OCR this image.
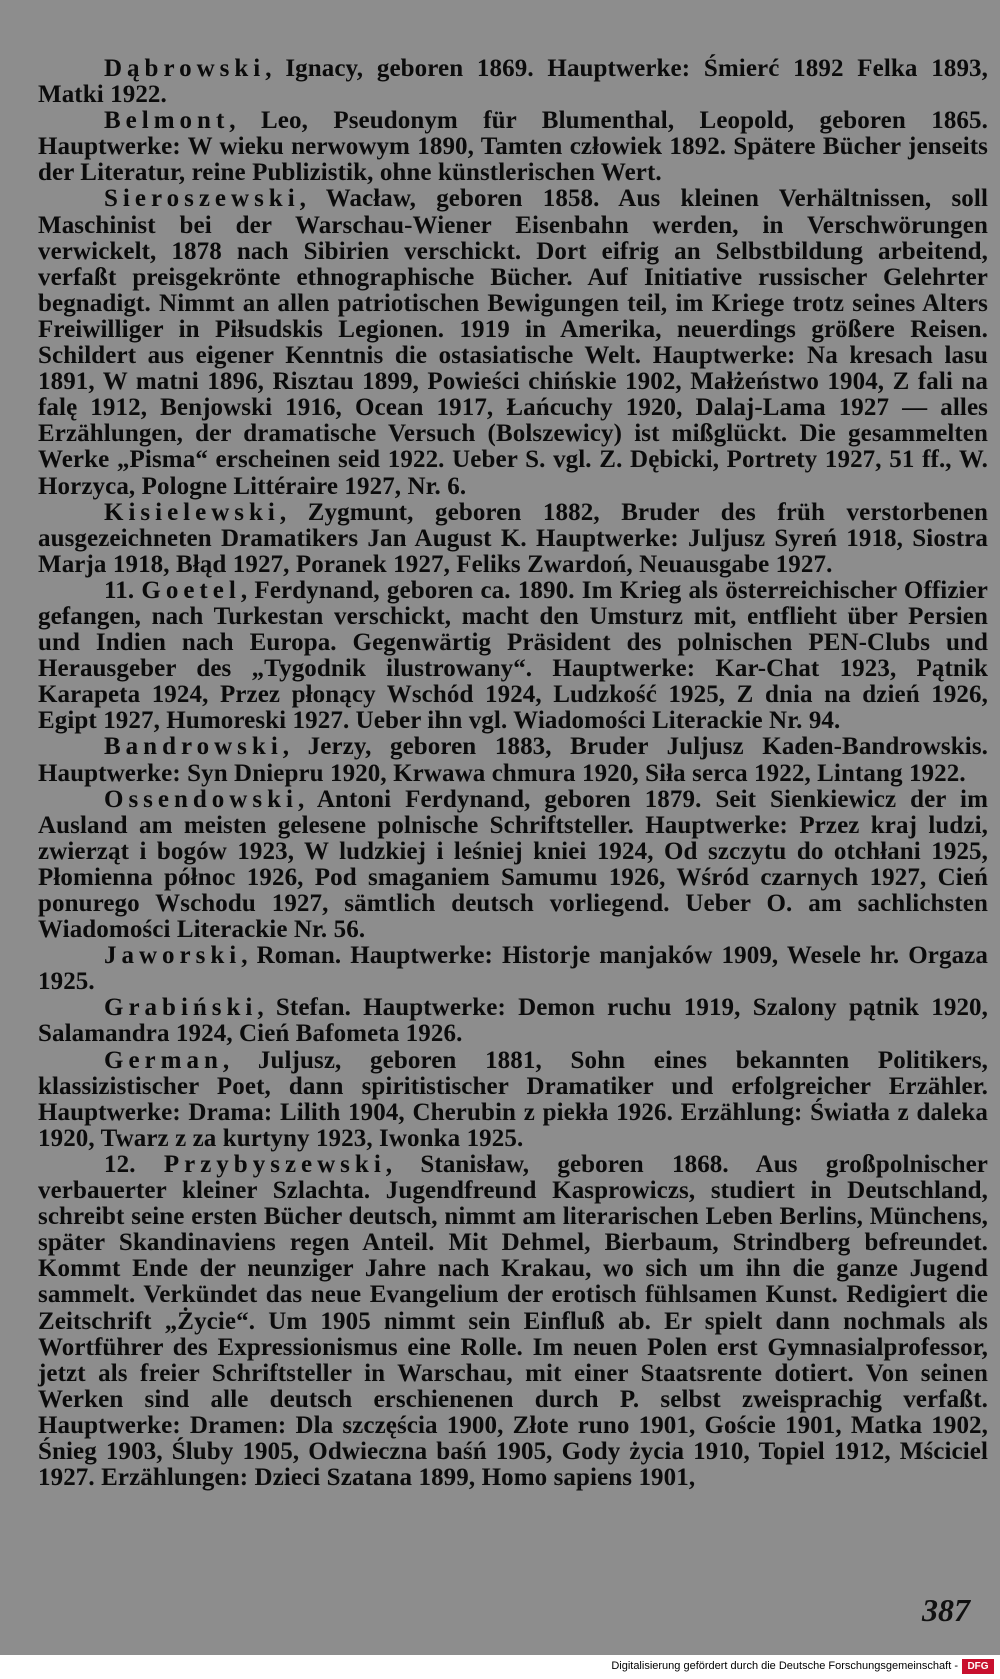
Dąbrowski, Ignacy, geboren 1869. Hauptwerke: Śmierć 1892 Felka 1893, Matki 1922.

Belmont, Leo, Pseudonym für Blumenthal, Leopold, geboren 1865. Hauptwerke: W wieku nerwowym 1890, Tamten człowiek 1892. Spätere Bücher jenseits der Literatur, reine Publizistik, ohne künstlerischen Wert.

Sieroszewski, Wacław, geboren 1858. Aus kleinen Verhältnissen, soll Maschinist bei der Warschau-Wiener Eisenbahn werden, in Verschwörungen verwickelt, 1878 nach Sibirien verschickt. Dort eifrig an Selbstbildung arbeitend, verfaßt preisgekrönte ethnographische Bücher. Auf Initiative russischer Gelehrter begnadigt. Nimmt an allen patriotischen Bewigungen teil, im Kriege trotz seines Alters Freiwilliger in Piłsudskis Legionen. 1919 in Amerika, neuerdings größere Reisen. Schildert aus eigener Kenntnis die ostasiatische Welt. Hauptwerke: Na kresach lasu 1891, W matni 1896, Risztau 1899, Powieści chińskie 1902, Małżeństwo 1904, Z fali na falę 1912, Benjowski 1916, Ocean 1917, Łańcuchy 1920, Dalaj-Lama 1927 — alles Erzählungen, der dramatische Versuch (Bolszewicy) ist mißglückt. Die gesammelten Werke „Pisma“ erscheinen seid 1922. Ueber S. vgl. Z. Dębicki, Portrety 1927, 51 ff., W. Horzyca, Pologne Littéraire 1927, Nr. 6.

Kisielewski, Zygmunt, geboren 1882, Bruder des früh verstorbenen ausgezeichneten Dramatikers Jan August K. Hauptwerke: Juljusz Syreń 1918, Siostra Marja 1918, Błąd 1927, Poranek 1927, Feliks Zwardoń, Neuausgabe 1927.

11. Goetel, Ferdynand, geboren ca. 1890. Im Krieg als österreichischer Offizier gefangen, nach Turkestan verschickt, macht den Umsturz mit, entflieht über Persien und Indien nach Europa. Gegenwärtig Präsident des polnischen PEN-Clubs und Herausgeber des „Tygodnik ilustrowany“. Hauptwerke: Kar-Chat 1923, Pątnik Karapeta 1924, Przez płonący Wschód 1924, Ludzkość 1925, Z dnia na dzień 1926, Egipt 1927, Humoreski 1927. Ueber ihn vgl. Wiadomości Literackie Nr. 94.

Bandrowski, Jerzy, geboren 1883, Bruder Juljusz Kaden-Bandrowskis. Hauptwerke: Syn Dniepru 1920, Krwawa chmura 1920, Siła serca 1922, Lintang 1922.

Ossendowski, Antoni Ferdynand, geboren 1879. Seit Sienkiewicz der im Ausland am meisten gelesene polnische Schriftsteller. Hauptwerke: Przez kraj ludzi, zwierząt i bogów 1923, W ludzkiej i leśniej kniei 1924, Od szczytu do otchłani 1925, Płomienna północ 1926, Pod smaganiem Samumu 1926, Wśród czarnych 1927, Cień ponurego Wschodu 1927, sämtlich deutsch vorliegend. Ueber O. am sachlichsten Wiadomości Literackie Nr. 56.

Jaworski, Roman. Hauptwerke: Historje manjaków 1909, Wesele hr. Orgaza 1925.

Grabiński, Stefan. Hauptwerke: Demon ruchu 1919, Szalony pątnik 1920, Salamandra 1924, Cień Bafometa 1926.

German, Juljusz, geboren 1881, Sohn eines bekannten Politikers, klassizistischer Poet, dann spiritistischer Dramatiker und erfolgreicher Erzähler. Hauptwerke: Drama: Lilith 1904, Cherubin z piekła 1926. Erzählung: Światła z daleka 1920, Twarz z za kurtyny 1923, Iwonka 1925.

12. Przybyszewski, Stanisław, geboren 1868. Aus großpolnischer verbauerter kleiner Szlachta. Jugendfreund Kasprowiczs, studiert in Deutschland, schreibt seine ersten Bücher deutsch, nimmt am literarischen Leben Berlins, Münchens, später Skandinaviens regen Anteil. Mit Dehmel, Bierbaum, Strindberg befreundet. Kommt Ende der neunziger Jahre nach Krakau, wo sich um ihn die ganze Jugend sammelt. Verkündet das neue Evangelium der erotisch fühlsamen Kunst. Redigiert die Zeitschrift „Życie“. Um 1905 nimmt sein Einfluß ab. Er spielt dann nochmals als Wortführer des Expressionismus eine Rolle. Im neuen Polen erst Gymnasialprofessor, jetzt als freier Schriftsteller in Warschau, mit einer Staatsrente dotiert. Von seinen Werken sind alle deutsch erschienenen durch P. selbst zweisprachig verfaßt. Hauptwerke: Dramen: Dla szczęścia 1900, Złote runo 1901, Goście 1901, Matka 1902, Śnieg 1903, Śluby 1905, Odwieczna baśń 1905, Gody życia 1910, Topiel 1912, Mściciel 1927. Erzählungen: Dzieci Szatana 1899, Homo sapiens 1901,

387
Digitalisierung gefördert durch die Deutsche Forschungsgemeinschaft - DFG
